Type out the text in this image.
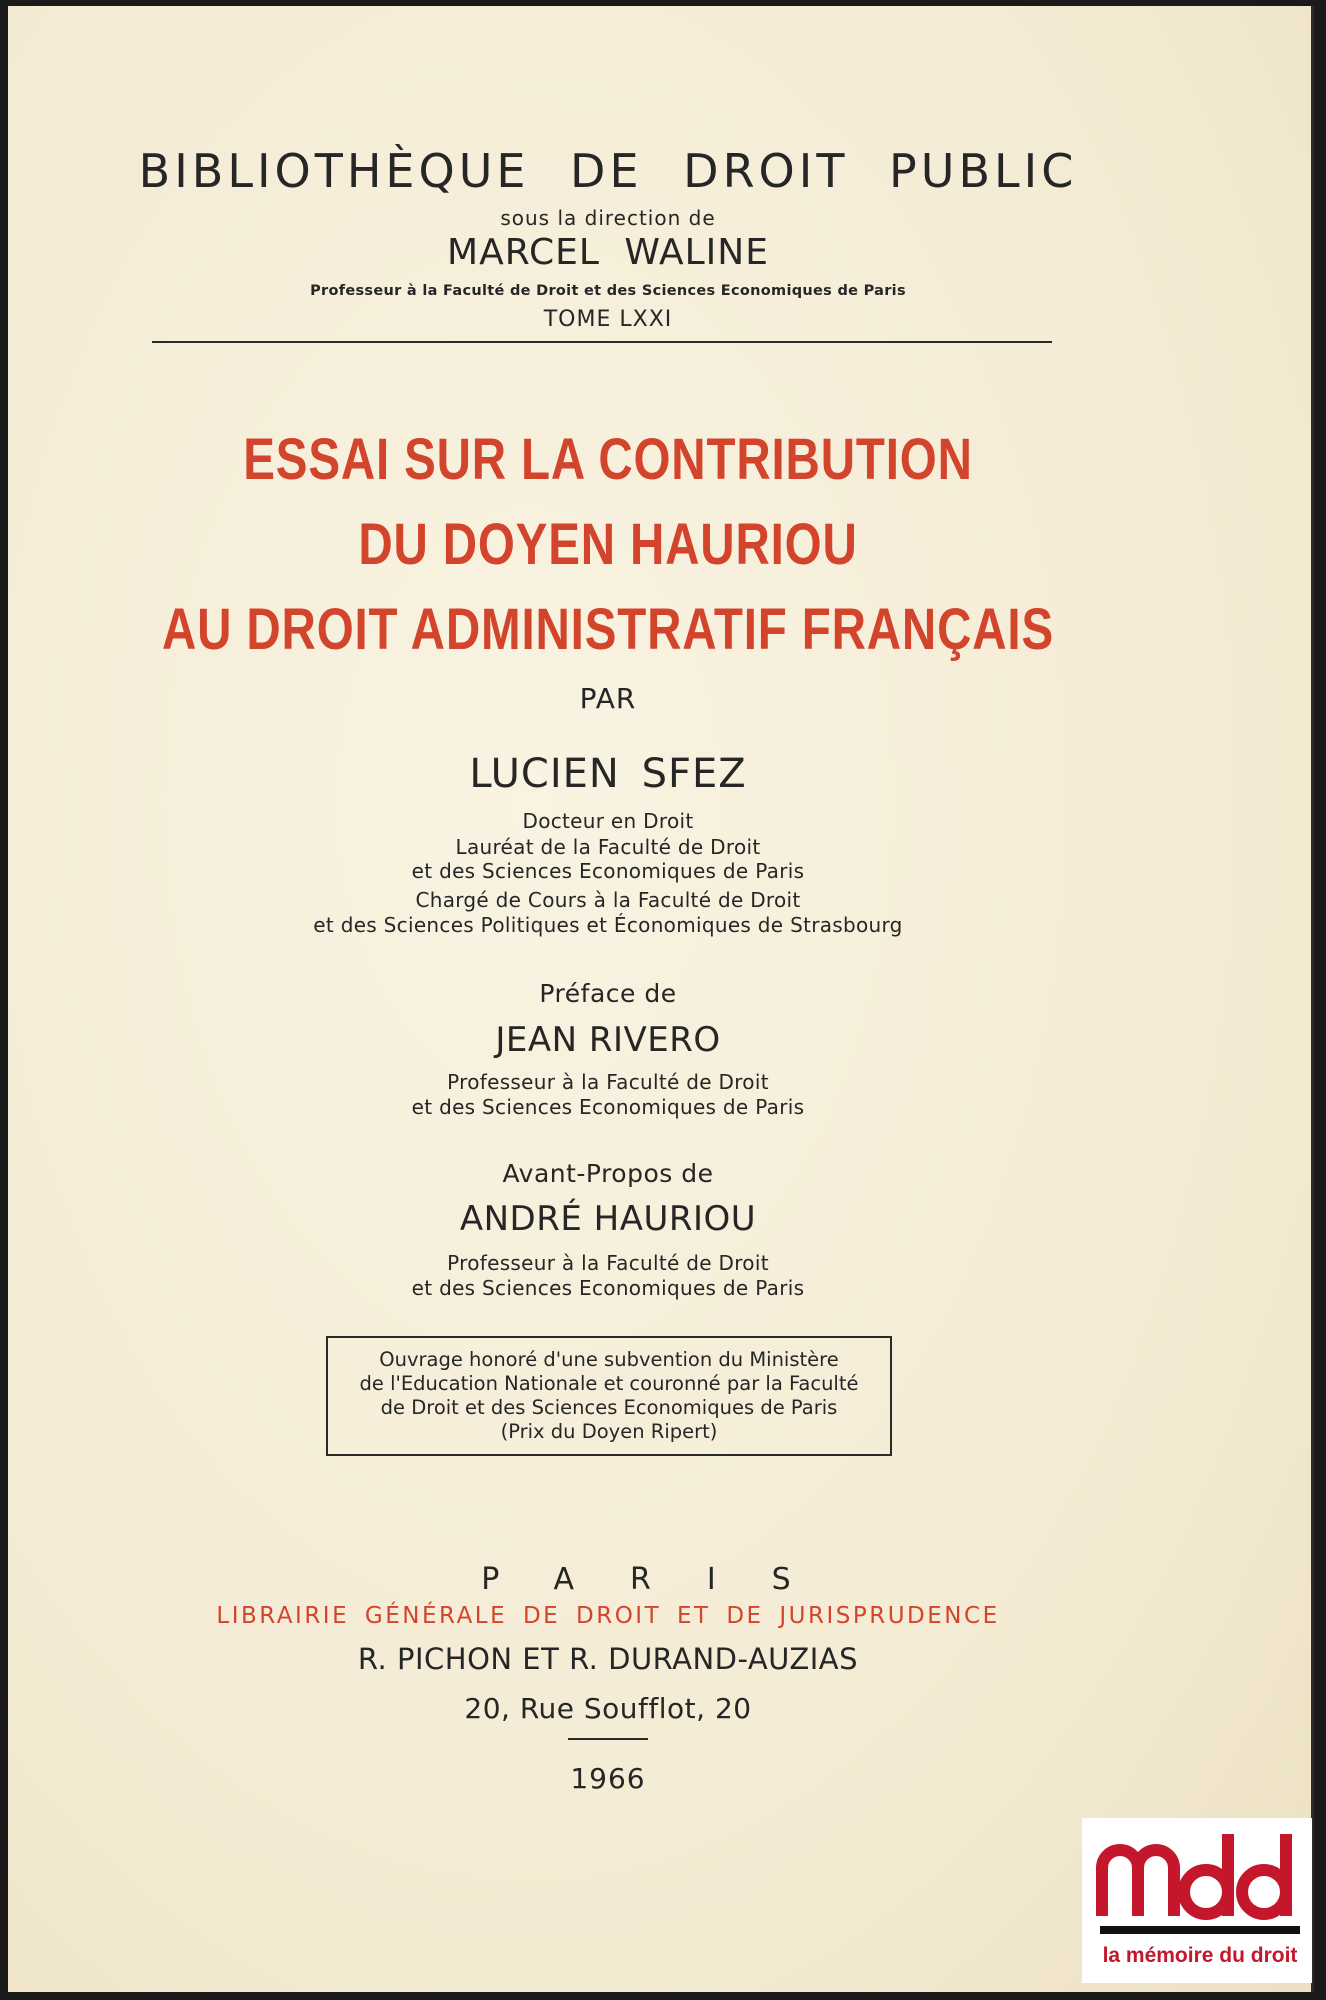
BIBLIOTHÈQUE DE DROIT PUBLIC
sous la direction de
MARCEL WALINE
Professeur à la Faculté de Droit et des Sciences Economiques de Paris
TOME LXXI
ESSAI SUR LA CONTRIBUTION
DU DOYEN HAURIOU
AU DROIT ADMINISTRATIF FRANÇAIS
PAR
LUCIEN SFEZ
Docteur en Droit
Lauréat de la Faculté de Droit
et des Sciences Economiques de Paris
Chargé de Cours à la Faculté de Droit
et des Sciences Politiques et Économiques de Strasbourg
Préface de
JEAN RIVERO
Professeur à la Faculté de Droit
et des Sciences Economiques de Paris
Avant-Propos de
ANDRÉ HAURIOU
Professeur à la Faculté de Droit
et des Sciences Economiques de Paris
Ouvrage honoré d'une subvention du Ministère
de l'Education Nationale et couronné par la Faculté
de Droit et des Sciences Economiques de Paris
(Prix du Doyen Ripert)
PARIS
LIBRAIRIE GÉNÉRALE DE DROIT ET DE JURISPRUDENCE
R. PICHON ET R. DURAND-AUZIAS
20, Rue Soufflot, 20
1966
la mémoire du droit
